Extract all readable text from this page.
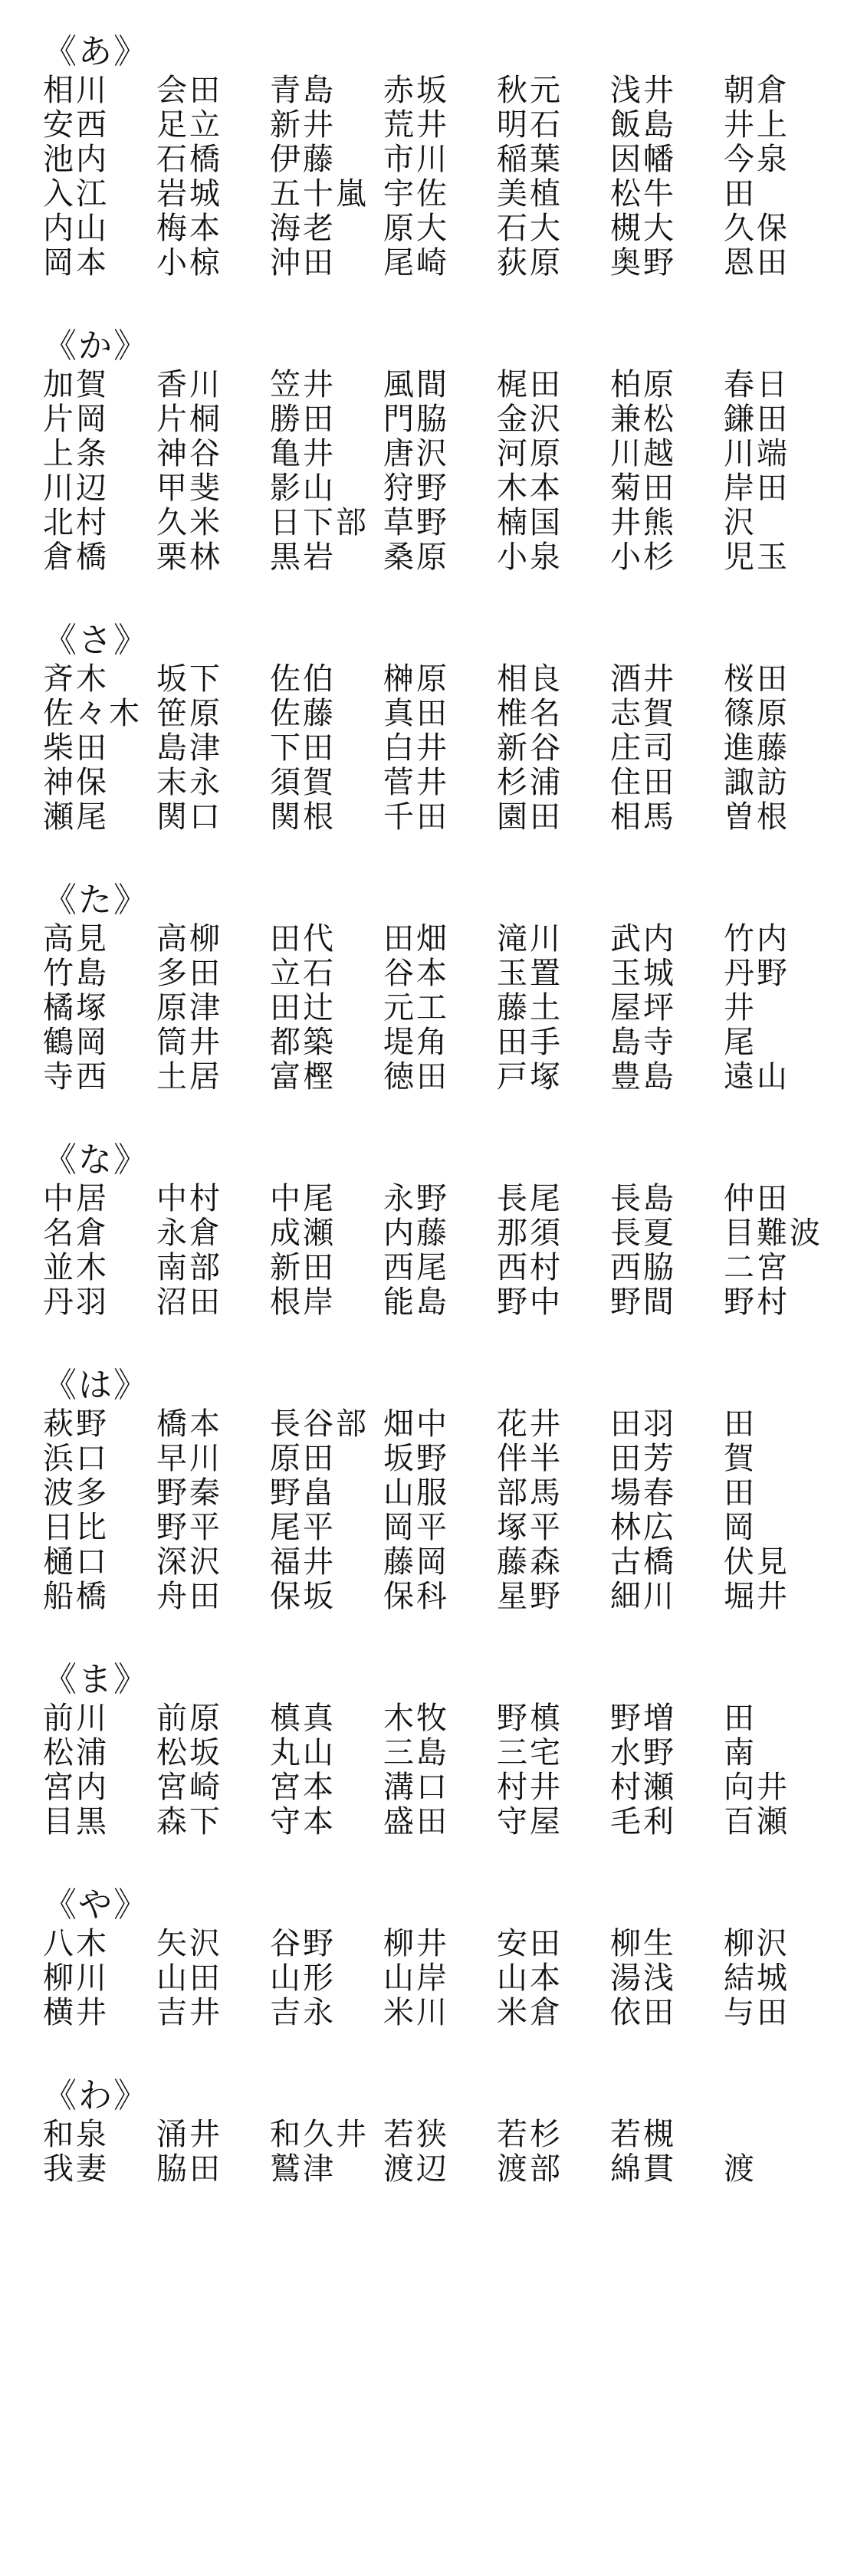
《あ》
相川	会田	青島	赤坂	秋元	浅井	朝倉
安西	足立	新井	荒井	明石	飯島	井上
池内	石橋	伊藤	市川	稲葉	因幡	今泉
入江	岩城	五十嵐 宇佐	美植	松牛	田
内山	梅本	海老	原大	石大	槻大	久保
岡本	小椋	沖田	尾崎	荻原	奥野	恩田
《か》
加賀	香川	笠井	風間	梶田	柏原	春日
片岡	片桐	勝田	門脇	金沢	兼松	鎌田
上条	神谷	亀井	唐沢	河原	川越	川端
川辺	甲斐	影山	狩野	木本	菊田	岸田
北村	久米	日下部 草野	楠国	井熊	沢
倉橋	栗林	黒岩	桑原	小泉	小杉	児玉
《さ》
斉木	坂下	佐伯	榊原	相良	酒井	桜田
佐々木 笹原	佐藤	真田	椎名	志賀	篠原
柴田	島津	下田	白井	新谷	庄司	進藤
神保	末永	須賀	菅井	杉浦	住田	諏訪
瀬尾	関口	関根	千田	園田	相馬	曽根
《た》
高見	高柳	田代	田畑	滝川	武内	竹内
竹島	多田	立石	谷本	玉置	玉城	丹野
橘塚	原津	田辻	元工	藤土	屋坪	井
鶴岡	筒井	都築	堤角	田手	島寺	尾
寺西	土居	富樫	徳田	戸塚	豊島	遠山
《な》
中居	中村	中尾	永野	長尾	長島	仲田
名倉	永倉	成瀬	内藤	那須	長夏	目難波
並木	南部	新田	西尾	西村	西脇	二宮
丹羽	沼田	根岸	能島	野中	野間	野村
《は》
萩野	橋本	長谷部 畑中	花井	田羽	田
浜口	早川	原田	坂野	伴半	田芳	賀
波多	野秦	野畠	山服	部馬	場春	田
日比	野平	尾平	岡平	塚平	林広	岡
樋口	深沢	福井	藤岡	藤森	古橋	伏見
船橋	舟田	保坂	保科	星野	細川	堀井
《ま》
前川	前原	槙真	木牧	野槙	野増	田
松浦	松坂	丸山	三島	三宅	水野	南
宮内	宮崎	宮本	溝口	村井	村瀬	向井
目黒	森下	守本	盛田	守屋	毛利	百瀬
《や》
八木	矢沢	谷野	柳井	安田	柳生	柳沢
柳川	山田	山形	山岸	山本	湯浅	結城
横井	吉井	吉永	米川	米倉	依田	与田
《わ》
和泉	涌井	和久井 若狭	若杉	若槻
我妻	脇田	鷲津	渡辺	渡部	綿貫	渡
